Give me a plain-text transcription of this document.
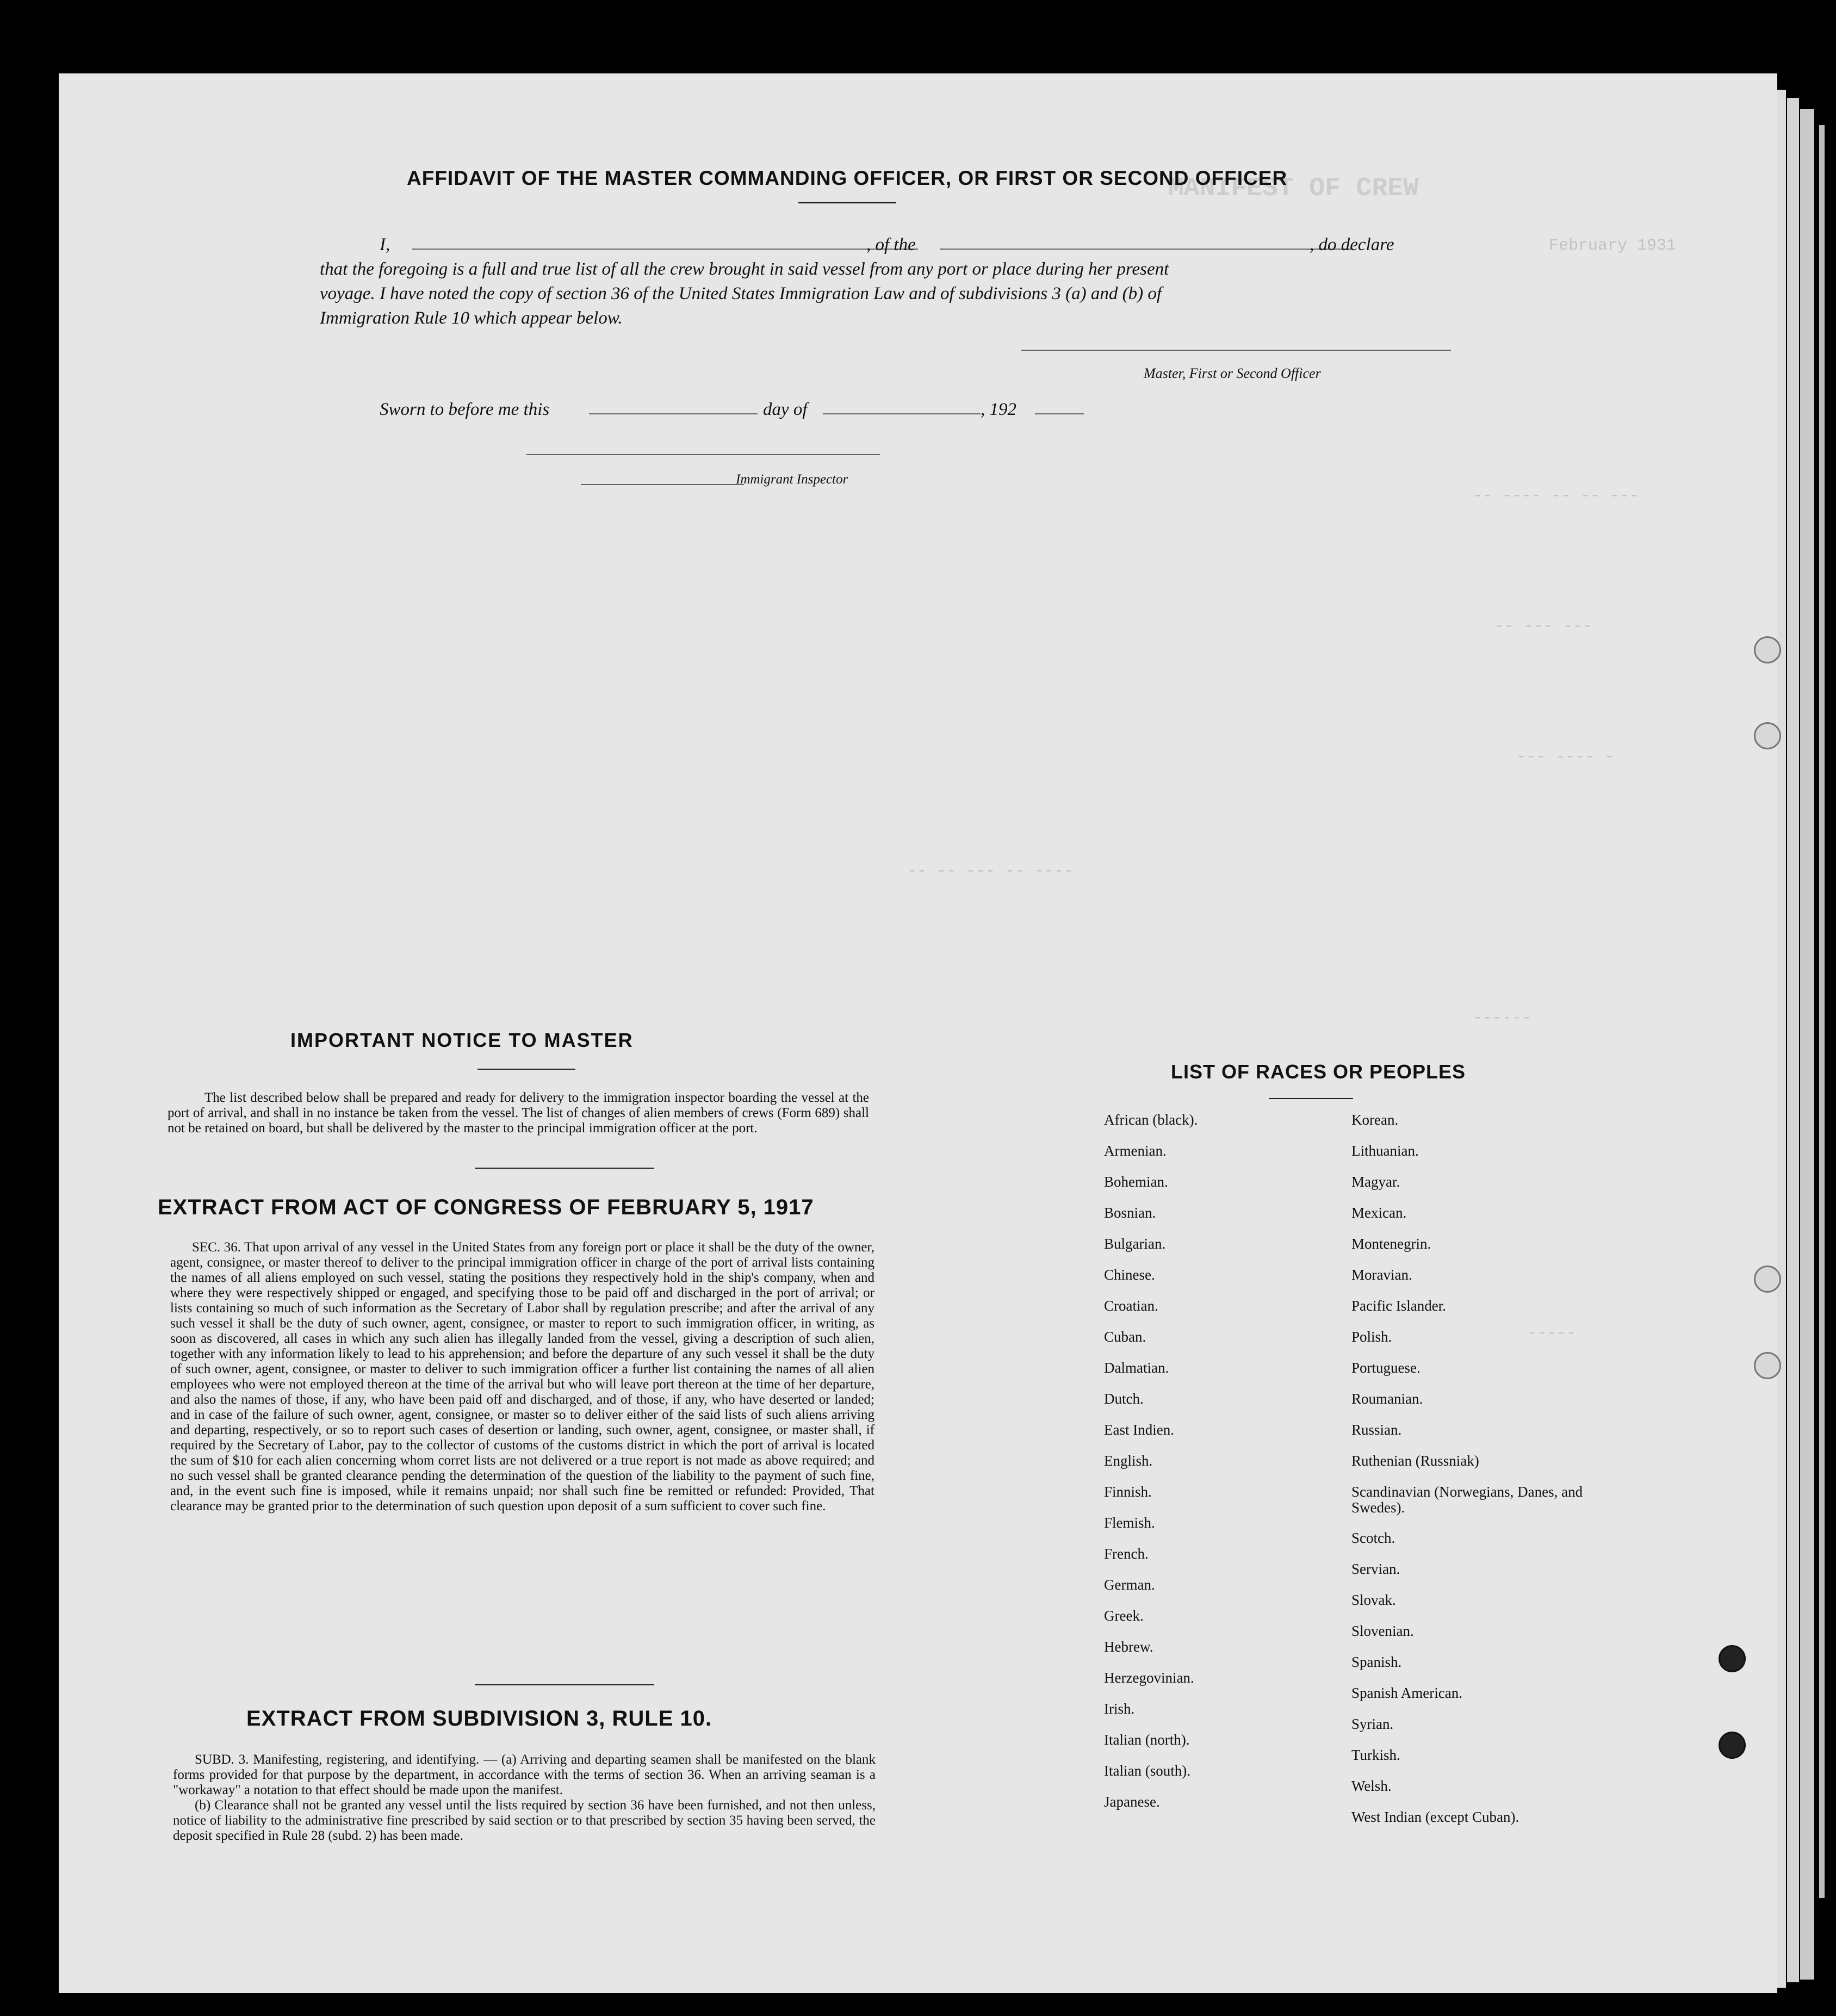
MANIFEST OF CREW
February 1931
-- ---- -- -- ---
-- --- ---
--- ---- -
-- -- --- -- ----
------
-----
AFFIDAVIT OF THE MASTER COMMANDING OFFICER, OR FIRST OR SECOND OFFICER
I,	, of the	, do declare
that the foregoing is a full and true list of all the crew brought in said vessel from any port or place during her present
voyage. I have noted the copy of section 36 of the United States Immigration Law and of subdivisions 3 (a) and (b) of
Immigration Rule 10 which appear below.
Master, First or Second Officer
Sworn to before me this	day of	, 192
Immigrant Inspector
IMPORTANT NOTICE TO MASTER
The list described below shall be prepared and ready for delivery to the immigration inspector boarding the vessel at the port of arrival, and shall in no instance be taken from the vessel. The list of changes of alien members of crews (Form 689) shall not be retained on board, but shall be delivered by the master to the principal immigration officer at the port.
EXTRACT FROM ACT OF CONGRESS OF FEBRUARY 5, 1917
SEC. 36. That upon arrival of any vessel in the United States from any foreign port or place it shall be the duty of the owner, agent, consignee, or master thereof to deliver to the principal immigration officer in charge of the port of arrival lists containing the names of all aliens employed on such vessel, stating the positions they respectively hold in the ship's company, when and where they were respectively shipped or engaged, and specifying those to be paid off and discharged in the port of arrival; or lists containing so much of such information as the Secretary of Labor shall by regulation prescribe; and after the arrival of any such vessel it shall be the duty of such owner, agent, consignee, or master to report to such immigration officer, in writing, as soon as discovered, all cases in which any such alien has illegally landed from the vessel, giving a description of such alien, together with any information likely to lead to his apprehension; and before the departure of any such vessel it shall be the duty of such owner, agent, consignee, or master to deliver to such immigration officer a further list containing the names of all alien employees who were not employed thereon at the time of the arrival but who will leave port thereon at the time of her departure, and also the names of those, if any, who have been paid off and discharged, and of those, if any, who have deserted or landed; and in case of the failure of such owner, agent, consignee, or master so to deliver either of the said lists of such aliens arriving and departing, respectively, or so to report such cases of desertion or landing, such owner, agent, consignee, or master shall, if required by the Secretary of Labor, pay to the collector of customs of the customs district in which the port of arrival is located the sum of $10 for each alien concerning whom corret lists are not delivered or a true report is not made as above required; and no such vessel shall be granted clearance pending the determination of the question of the liability to the payment of such fine, and, in the event such fine is imposed, while it remains unpaid; nor shall such fine be remitted or refunded: Provided, That clearance may be granted prior to the determination of such question upon deposit of a sum sufficient to cover such fine.
EXTRACT FROM SUBDIVISION 3, RULE 10.
SUBD. 3. Manifesting, registering, and identifying. — (a) Arriving and departing seamen shall be manifested on the blank forms provided for that purpose by the department, in accordance with the terms of section 36. When an arriving seaman is a "workaway" a notation to that effect should be made upon the manifest.
(b) Clearance shall not be granted any vessel until the lists required by section 36 have been furnished, and not then unless, notice of liability to the administrative fine prescribed by said section or to that prescribed by section 35 having been served, the deposit specified in Rule 28 (subd. 2) has been made.
LIST OF RACES OR PEOPLES
African (black).
Armenian.
Bohemian.
Bosnian.
Bulgarian.
Chinese.
Croatian.
Cuban.
Dalmatian.
Dutch.
East Indien.
English.
Finnish.
Flemish.
French.
German.
Greek.
Hebrew.
Herzegovinian.
Irish.
Italian (north).
Italian (south).
Japanese.
Korean.
Lithuanian.
Magyar.
Mexican.
Montenegrin.
Moravian.
Pacific Islander.
Polish.
Portuguese.
Roumanian.
Russian.
Ruthenian (Russniak)
Scandinavian (Norwegians, Danes, and Swedes).
Scotch.
Servian.
Slovak.
Slovenian.
Spanish.
Spanish American.
Syrian.
Turkish.
Welsh.
West Indian (except Cuban).
